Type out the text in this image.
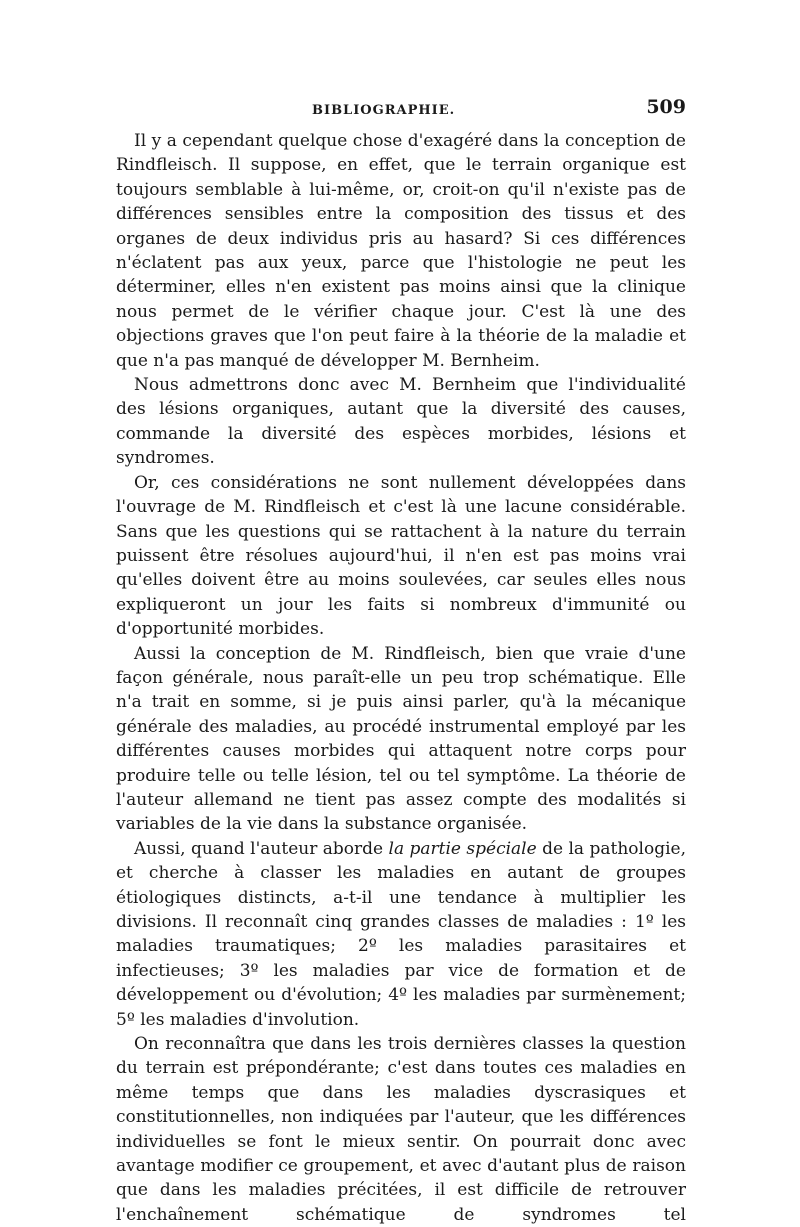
BIBLIOGRAPHIE.	509

Il y a cependant quelque chose d'exagéré dans la conception de Rindfleisch. Il suppose, en effet, que le terrain organique est toujours semblable à lui-même, or, croit-on qu'il n'existe pas de différences sensibles entre la composition des tissus et des organes de deux individus pris au hasard? Si ces différences n'éclatent pas aux yeux, parce que l'histologie ne peut les déterminer, elles n'en existent pas moins ainsi que la clinique nous permet de le vérifier chaque jour. C'est là une des objections graves que l'on peut faire à la théorie de la maladie et que n'a pas manqué de développer M. Bernheim.

Nous admettrons donc avec M. Bernheim que l'individualité des lésions organiques, autant que la diversité des causes, commande la diversité des espèces morbides, lésions et syndromes.

Or, ces considérations ne sont nullement développées dans l'ouvrage de M. Rindfleisch et c'est là une lacune considérable. Sans que les questions qui se rattachent à la nature du terrain puissent être résolues aujourd'hui, il n'en est pas moins vrai qu'elles doivent être au moins soulevées, car seules elles nous expliqueront un jour les faits si nombreux d'immunité ou d'opportunité morbides.

Aussi la conception de M. Rindfleisch, bien que vraie d'une façon générale, nous paraît-elle un peu trop schématique. Elle n'a trait en somme, si je puis ainsi parler, qu'à la mécanique générale des maladies, au procédé instrumental employé par les différentes causes morbides qui attaquent notre corps pour produire telle ou telle lésion, tel ou tel symptôme. La théorie de l'auteur allemand ne tient pas assez compte des modalités si variables de la vie dans la substance organisée.

Aussi, quand l'auteur aborde la partie spéciale de la pathologie, et cherche à classer les maladies en autant de groupes étiologiques distincts, a-t-il une tendance à multiplier les divisions. Il reconnaît cinq grandes classes de maladies : 1º les maladies traumatiques; 2º les maladies parasitaires et infectieuses; 3º les maladies par vice de formation et de développement ou d'évolution; 4º les maladies par surmènement; 5º les maladies d'involution.

On reconnaîtra que dans les trois dernières classes la question du terrain est prépondérante; c'est dans toutes ces maladies en même temps que dans les maladies dyscrasiques et constitutionnelles, non indiquées par l'auteur, que les différences individuelles se font le mieux sentir. On pourrait donc avec avantage modifier ce groupement, et avec d'autant plus de raison que dans les maladies précitées, il est difficile de retrouver l'enchaînement schématique de syndromes tel
